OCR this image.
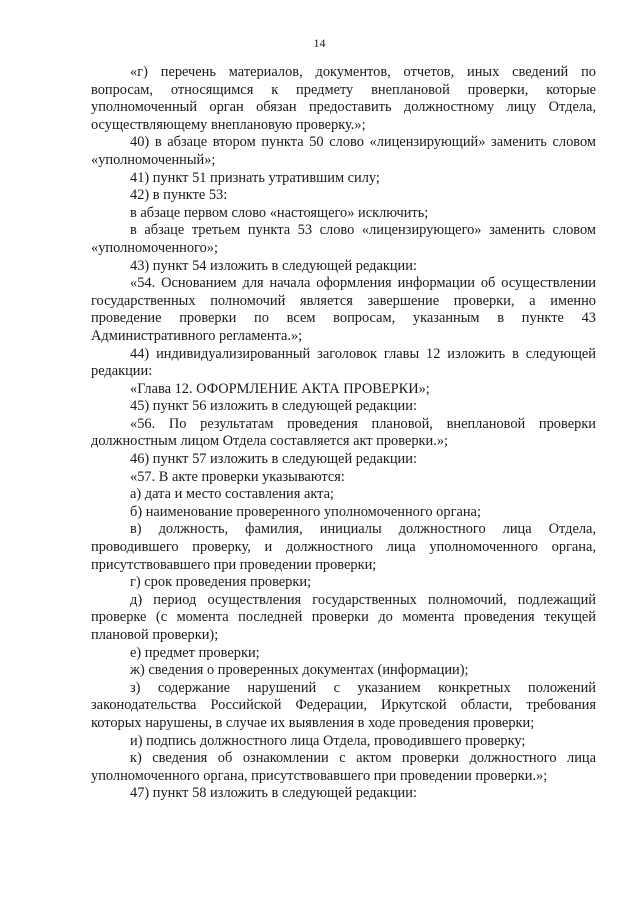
14

«г) перечень материалов, документов, отчетов, иных сведений по вопросам, относящимся к предмету внеплановой проверки, которые уполномоченный орган обязан предоставить должностному лицу Отдела, осуществляющему внеплановую проверку.»;

40) в абзаце втором пункта 50 слово «лицензирующий» заменить словом «уполномоченный»;

41) пункт 51 признать утратившим силу;

42) в пункте 53:

в абзаце первом слово «настоящего» исключить;

в абзаце третьем пункта 53 слово «лицензирующего» заменить словом «уполномоченного»;

43) пункт 54 изложить в следующей редакции:

«54. Основанием для начала оформления информации об осуществлении государственных полномочий является завершение проверки, а именно проведение проверки по всем вопросам, указанным в пункте 43 Административного регламента.»;

44) индивидуализированный заголовок главы 12 изложить в следующей редакции:

«Глава 12. ОФОРМЛЕНИЕ АКТА ПРОВЕРКИ»;

45) пункт 56 изложить в следующей редакции:

«56. По результатам проведения плановой, внеплановой проверки должностным лицом Отдела составляется акт проверки.»;

46) пункт 57 изложить в следующей редакции:

«57. В акте проверки указываются:

а) дата и место составления акта;

б) наименование проверенного уполномоченного органа;

в) должность, фамилия, инициалы должностного лица Отдела, проводившего проверку, и должностного лица уполномоченного органа, присутствовавшего при проведении проверки;

г) срок проведения проверки;

д) период осуществления государственных полномочий, подлежащий проверке (с момента последней проверки до момента проведения текущей плановой проверки);

е) предмет проверки;

ж) сведения о проверенных документах (информации);

з) содержание нарушений с указанием конкретных положений законодательства Российской Федерации, Иркутской области, требования которых нарушены, в случае их выявления в ходе проведения проверки;

и) подпись должностного лица Отдела, проводившего проверку;

к) сведения об ознакомлении с актом проверки должностного лица уполномоченного органа, присутствовавшего при проведении проверки.»;

47) пункт 58 изложить в следующей редакции:
